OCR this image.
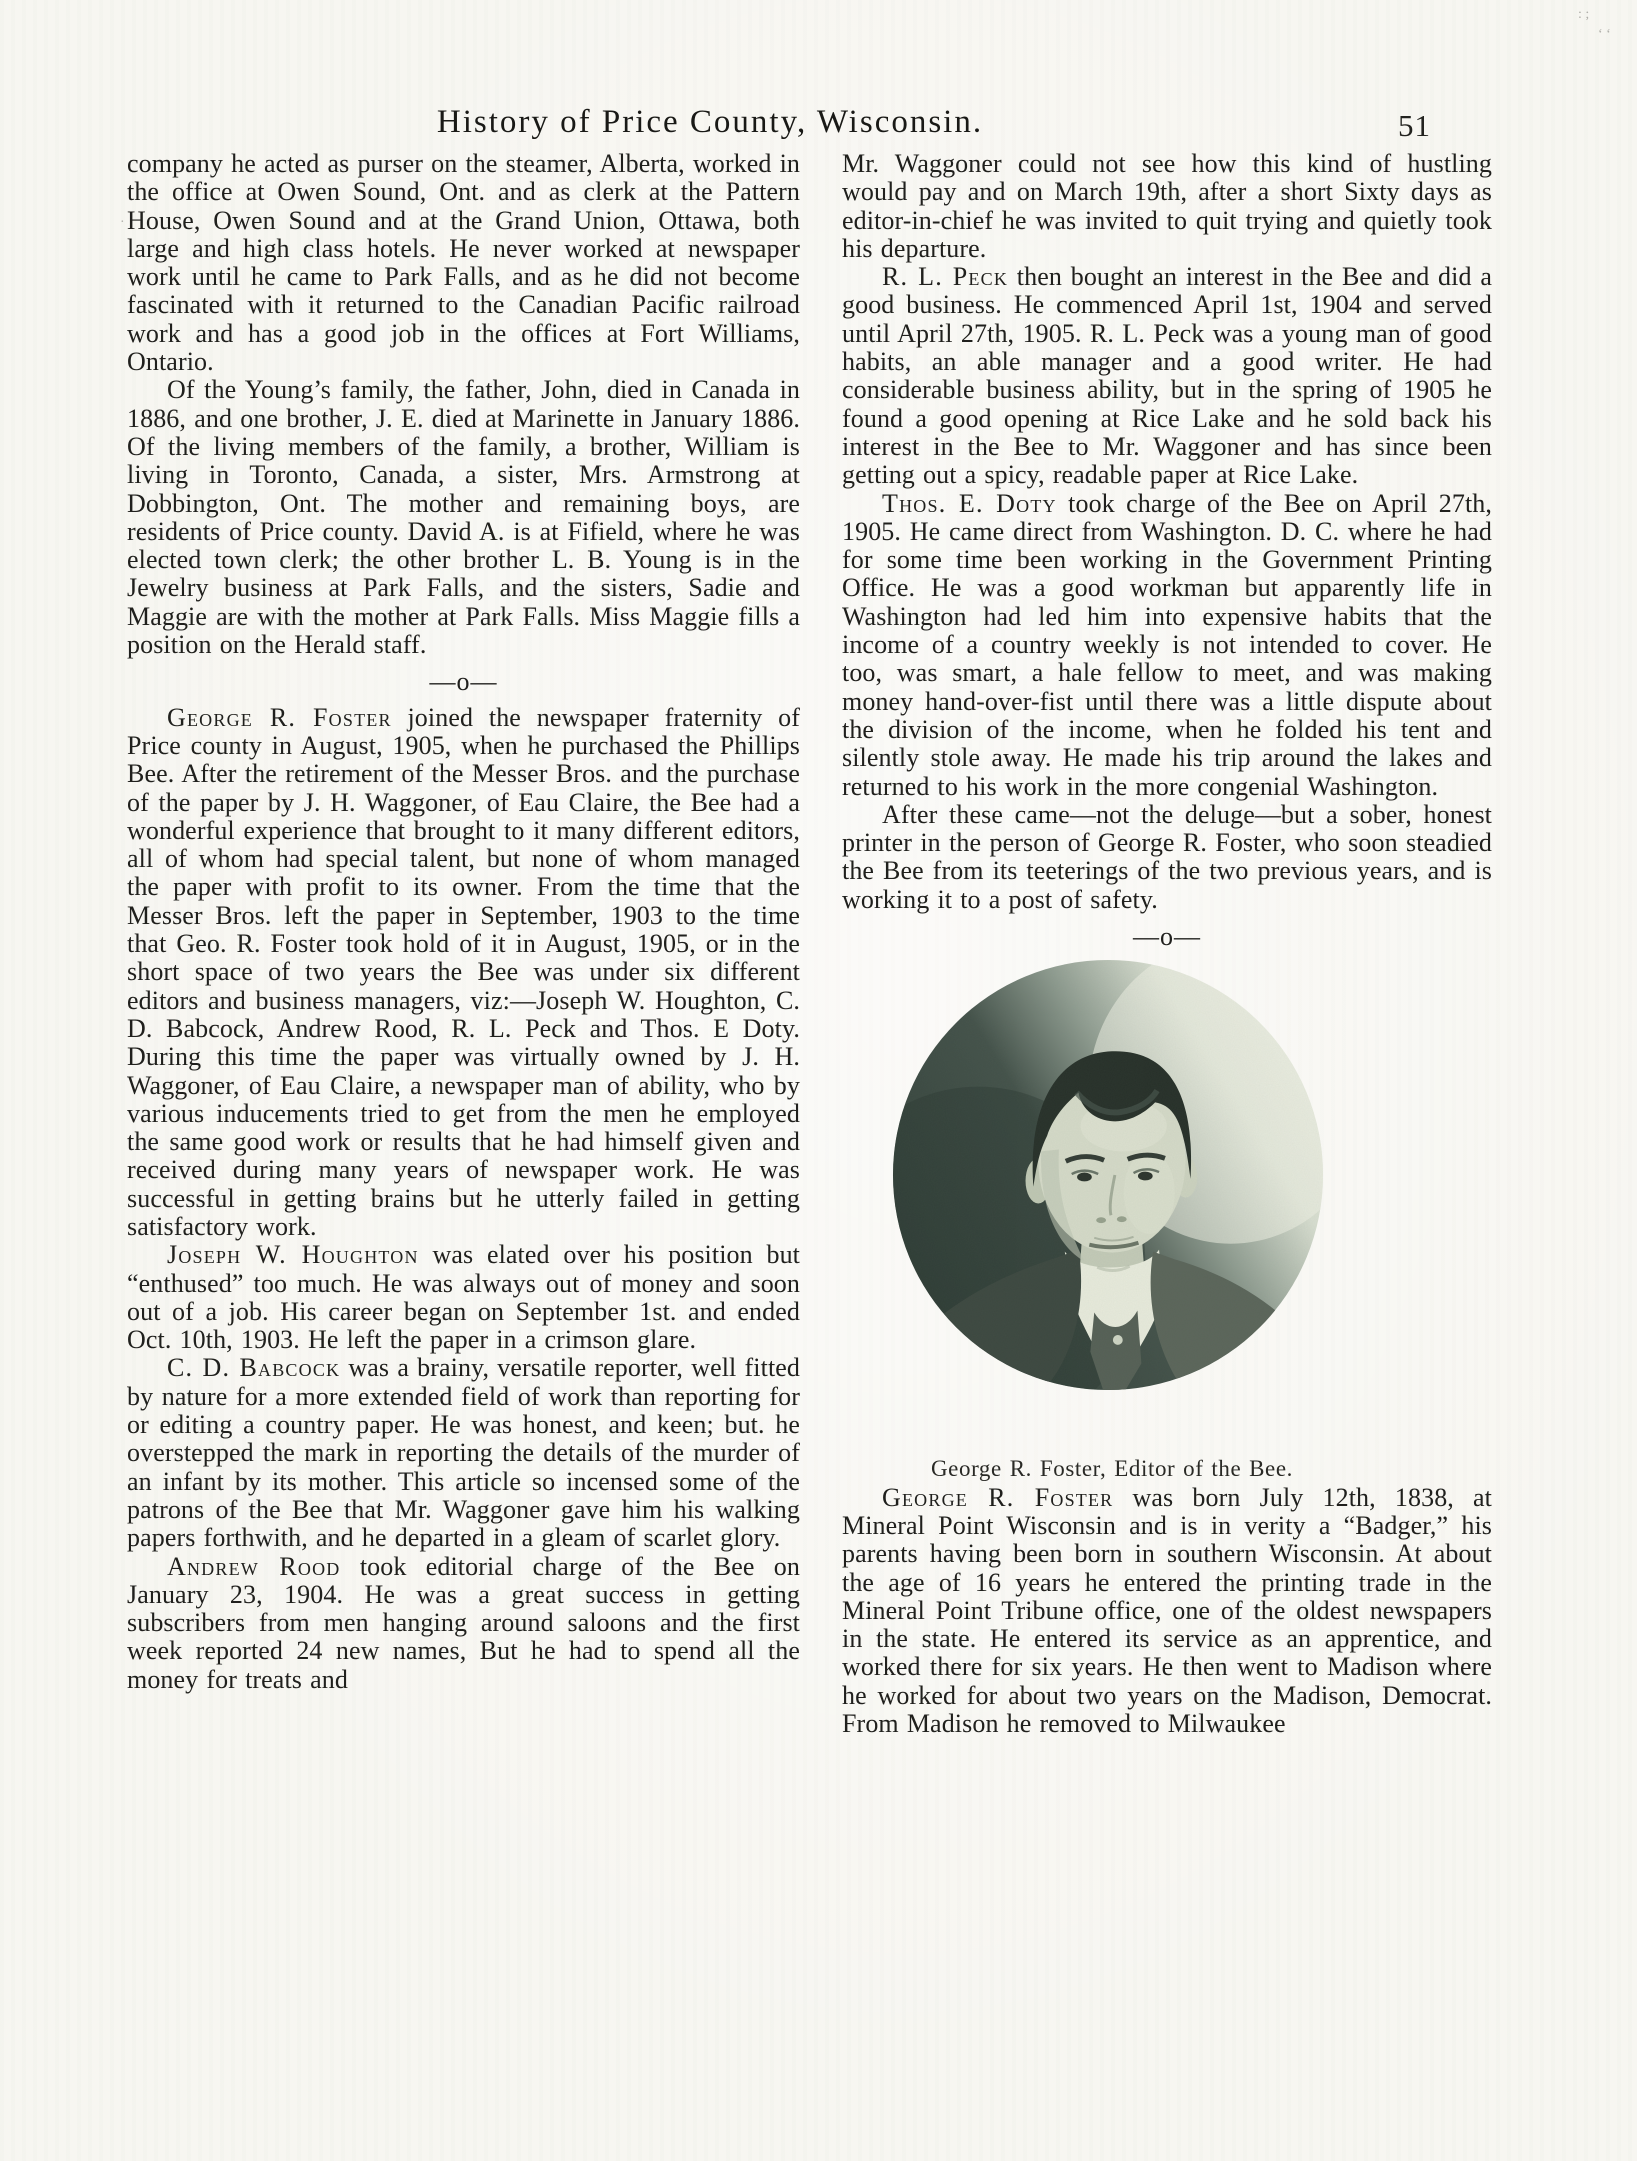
: ;
‘ ‘
·
History of Price County, Wisconsin.	51

company he acted as purser on the steamer, Alberta, worked in the office at Owen Sound, Ont. and as clerk at the Pattern House, Owen Sound and at the Grand Union, Ottawa, both large and high class hotels. He never worked at newspaper work until he came to Park Falls, and as he did not become fascinated with it returned to the Canadian Pacific railroad work and has a good job in the offices at Fort Williams, Ontario.

Of the Young’s family, the father, John, died in Canada in 1886, and one brother, J. E. died at Marinette in January 1886. Of the living members of the family, a brother, William is living in Toronto, Canada, a sister, Mrs. Armstrong at Dobbington, Ont. The mother and remaining boys, are residents of Price county. David A. is at Fifield, where he was elected town clerk; the other brother L. B. Young is in the Jewelry business at Park Falls, and the sisters, Sadie and Maggie are with the mother at Park Falls. Miss Maggie fills a position on the Herald staff.

—o—

George R. Foster joined the newspaper fraternity of Price county in August, 1905, when he purchased the Phillips Bee. After the retirement of the Messer Bros. and the purchase of the paper by J. H. Waggoner, of Eau Claire, the Bee had a wonderful experience that brought to it many different editors, all of whom had special talent, but none of whom managed the paper with profit to its owner. From the time that the Messer Bros. left the paper in September, 1903 to the time that Geo. R. Foster took hold of it in August, 1905, or in the short space of two years the Bee was under six different editors and business managers, viz:—Joseph W. Houghton, C. D. Babcock, Andrew Rood, R. L. Peck and Thos. E Doty. During this time the paper was virtually owned by J. H. Waggoner, of Eau Claire, a newspaper man of ability, who by various inducements tried to get from the men he employed the same good work or results that he had himself given and received during many years of newspaper work. He was successful in getting brains but he utterly failed in getting satisfactory work.

Joseph W. Houghton was elated over his position but “enthused” too much. He was always out of money and soon out of a job. His career began on September 1st. and ended Oct. 10th, 1903. He left the paper in a crimson glare.

C. D. Babcock was a brainy, versatile reporter, well fitted by nature for a more extended field of work than reporting for or editing a country paper. He was honest, and keen; but. he overstepped the mark in reporting the details of the murder of an infant by its mother. This article so incensed some of the patrons of the Bee that Mr. Waggoner gave him his walking papers forthwith, and he departed in a gleam of scarlet glory.

Andrew Rood took editorial charge of the Bee on January 23, 1904. He was a great success in getting subscribers from men hanging around saloons and the first week reported 24 new names, But he had to spend all the money for treats and

Mr. Waggoner could not see how this kind of hustling would pay and on March 19th, after a short Sixty days as editor-in-chief he was invited to quit trying and quietly took his departure.

R. L. Peck then bought an interest in the Bee and did a good business. He commenced April 1st, 1904 and served until April 27th, 1905. R. L. Peck was a young man of good habits, an able manager and a good writer. He had considerable business ability, but in the spring of 1905 he found a good opening at Rice Lake and he sold back his interest in the Bee to Mr. Waggoner and has since been getting out a spicy, readable paper at Rice Lake.

Thos. E. Doty took charge of the Bee on April 27th, 1905. He came direct from Washington. D. C. where he had for some time been working in the Government Printing Office. He was a good workman but apparently life in Washington had led him into expensive habits that the income of a country weekly is not intended to cover. He too, was smart, a hale fellow to meet, and was making money hand-over-fist until there was a little dispute about the division of the income, when he folded his tent and silently stole away. He made his trip around the lakes and returned to his work in the more congenial Washington.

After these came—not the deluge—but a sober, honest printer in the person of George R. Foster, who soon steadied the Bee from its teeterings of the two previous years, and is working it to a post of safety.

—o—
George R. Foster, Editor of the Bee.

George R. Foster was born July 12th, 1838, at Mineral Point Wisconsin and is in verity a “Badger,” his parents having been born in southern Wisconsin. At about the age of 16 years he entered the printing trade in the Mineral Point Tribune office, one of the oldest newspapers in the state. He entered its service as an apprentice, and worked there for six years. He then went to Madison where he worked for about two years on the Madison, Democrat. From Madison he removed to Milwaukee
